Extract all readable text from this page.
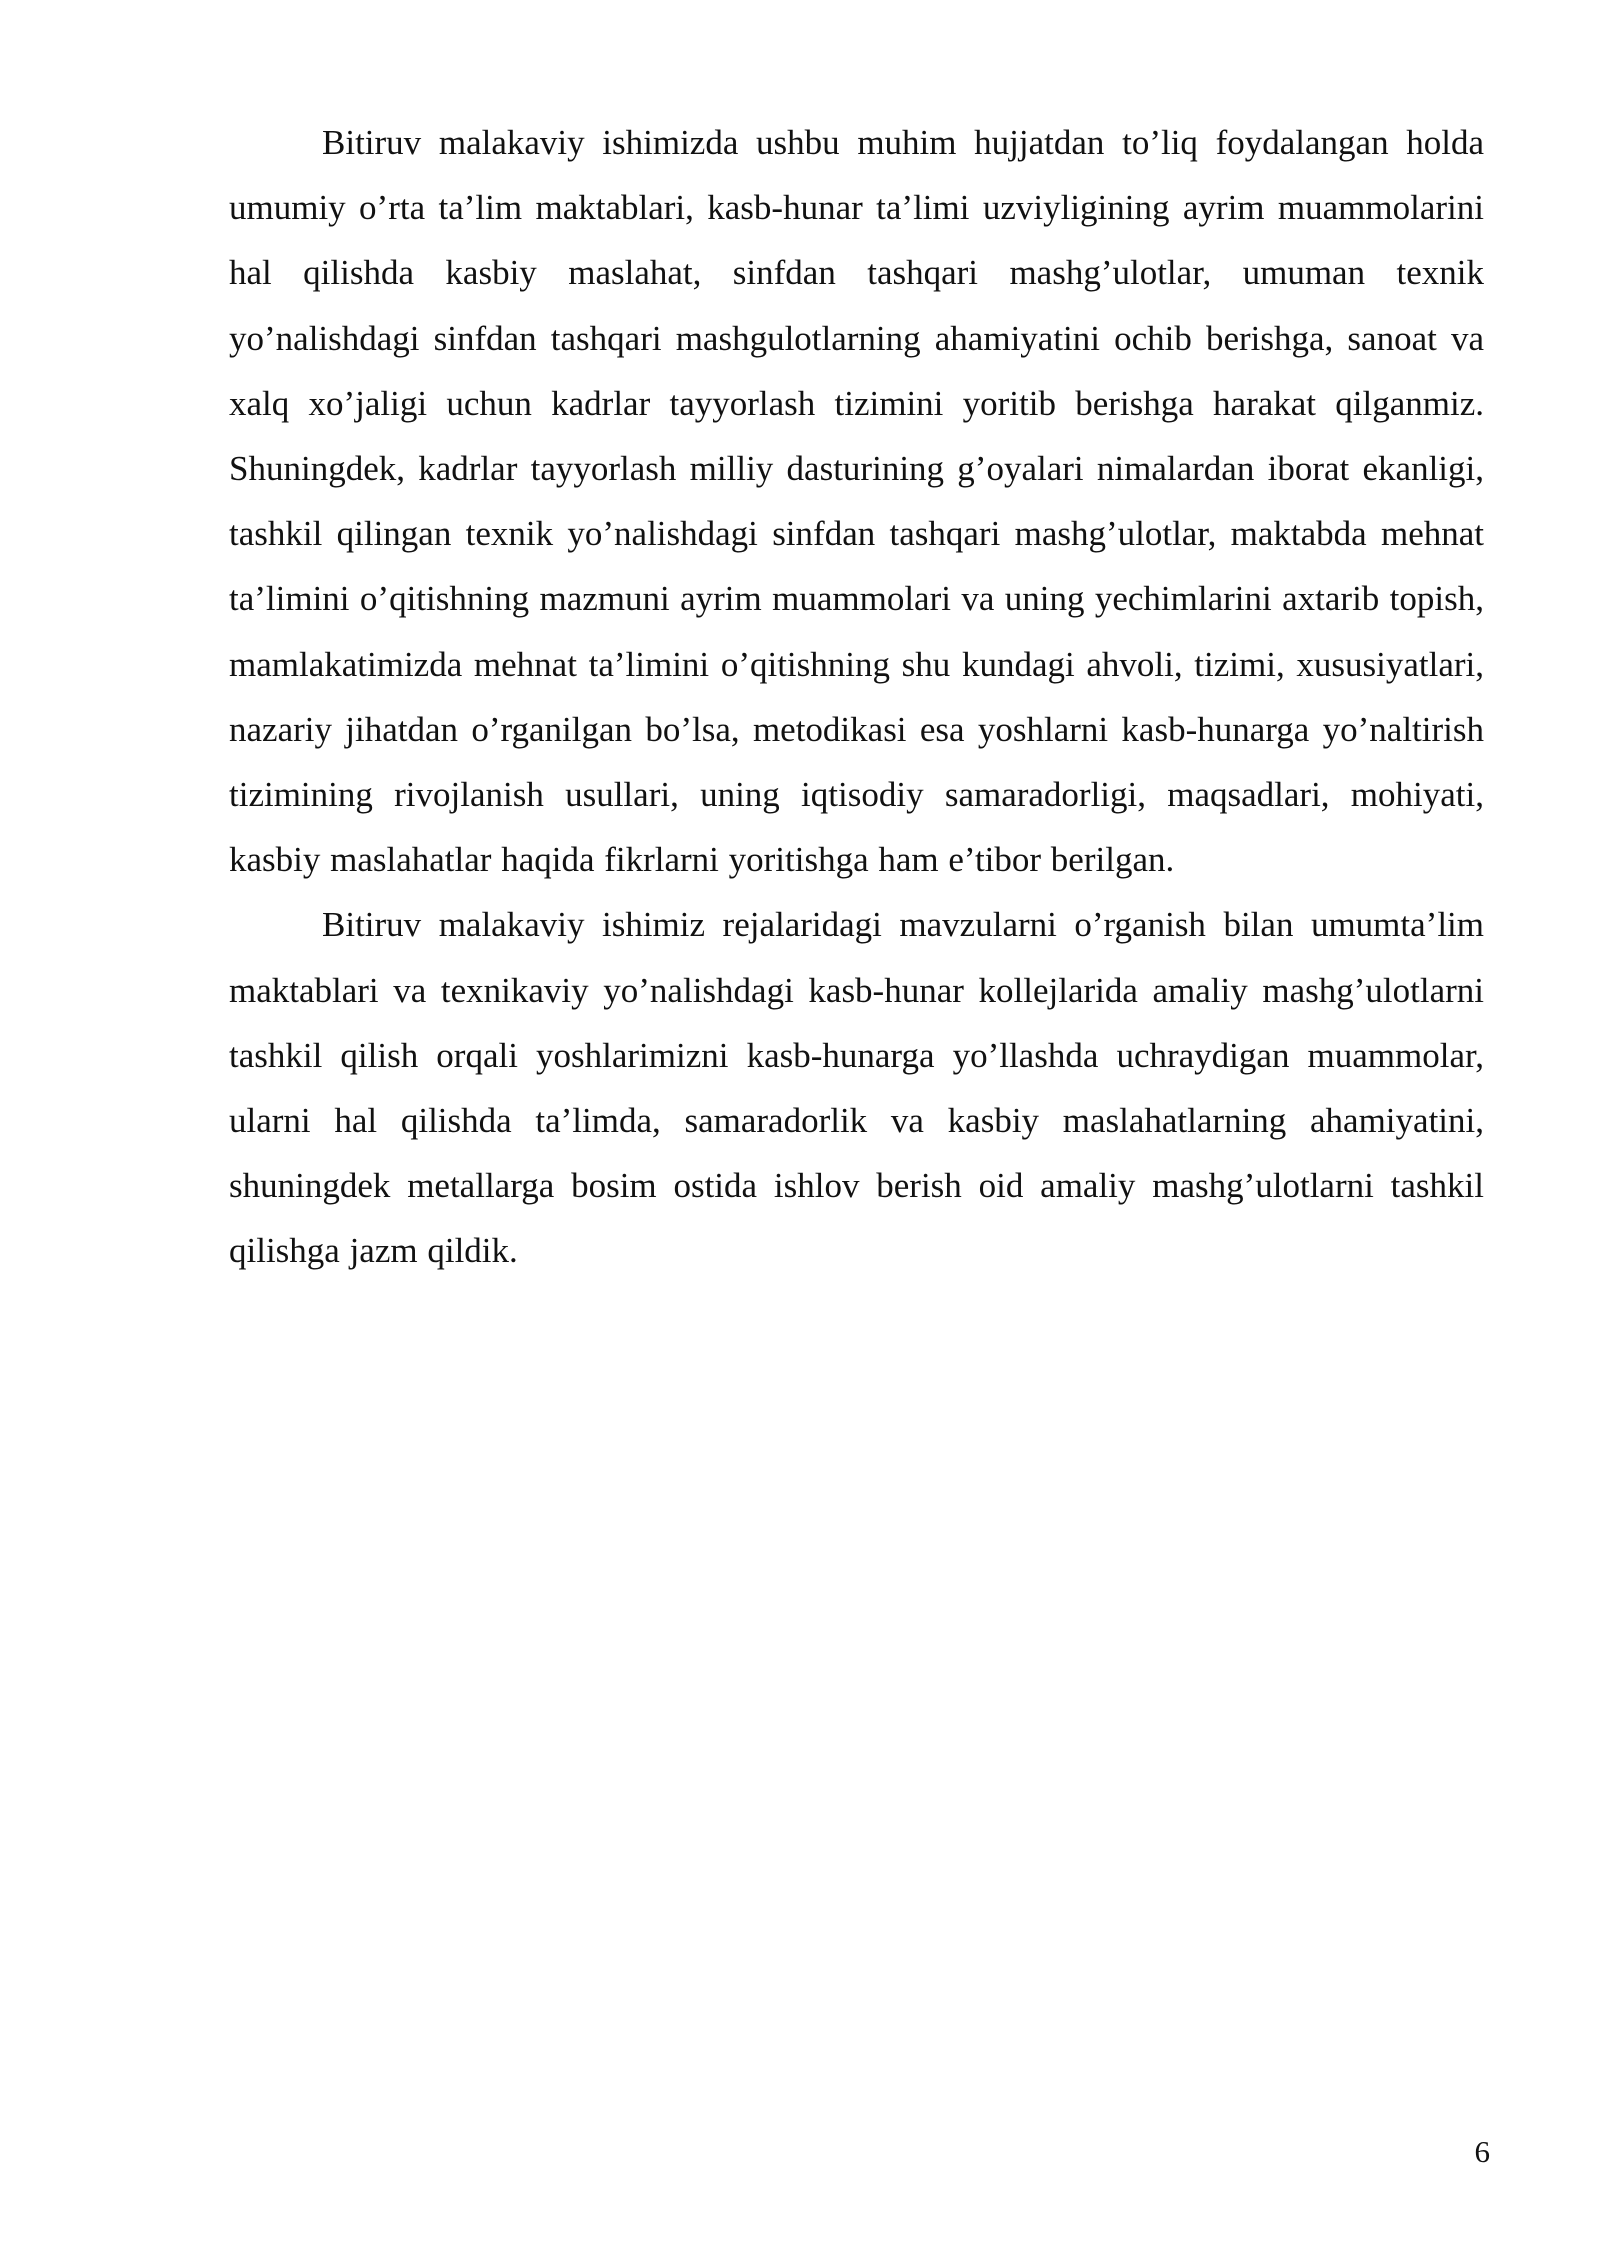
Bitiruv malakaviy ishimizda ushbu muhim hujjatdan to’liq foydalangan holda umumiy o’rta ta’lim maktablari, kasb-hunar ta’limi uzviyligining ayrim muammolarini hal qilishda kasbiy maslahat, sinfdan tashqari mashg’ulotlar, umuman texnik yo’nalishdagi sinfdan tashqari mashgulotlarning ahamiyatini ochib berishga, sanoat va xalq xo’jaligi uchun kadrlar tayyorlash tizimini yoritib berishga harakat qilganmiz. Shuningdek, kadrlar tayyorlash milliy dasturining g’oyalari nimalardan iborat ekanligi, tashkil qilingan texnik yo’nalishdagi sinfdan tashqari mashg’ulotlar, maktabda mehnat ta’limini o’qitishning mazmuni ayrim muammolari va uning yechimlarini axtarib topish, mamlakatimizda mehnat ta’limini o’qitishning shu kundagi ahvoli, tizimi, xususiyatlari, nazariy jihatdan o’rganilgan bo’lsa, metodikasi esa yoshlarni kasb-hunarga yo’naltirish tizimining rivojlanish usullari, uning iqtisodiy samaradorligi, maqsadlari, mohiyati, kasbiy maslahatlar haqida fikrlarni yoritishga ham e’tibor berilgan.

Bitiruv malakaviy ishimiz rejalaridagi mavzularni o’rganish bilan umumta’lim maktablari va texnikaviy yo’nalishdagi kasb-hunar kollejlarida amaliy mashg’ulotlarni tashkil qilish orqali yoshlarimizni kasb-hunarga yo’llashda uchraydigan muammolar, ularni hal qilishda ta’limda, samaradorlik va kasbiy maslahatlarning ahamiyatini, shuningdek metallarga bosim ostida ishlov berish oid amaliy mashg’ulotlarni tashkil qilishga jazm qildik.

6
